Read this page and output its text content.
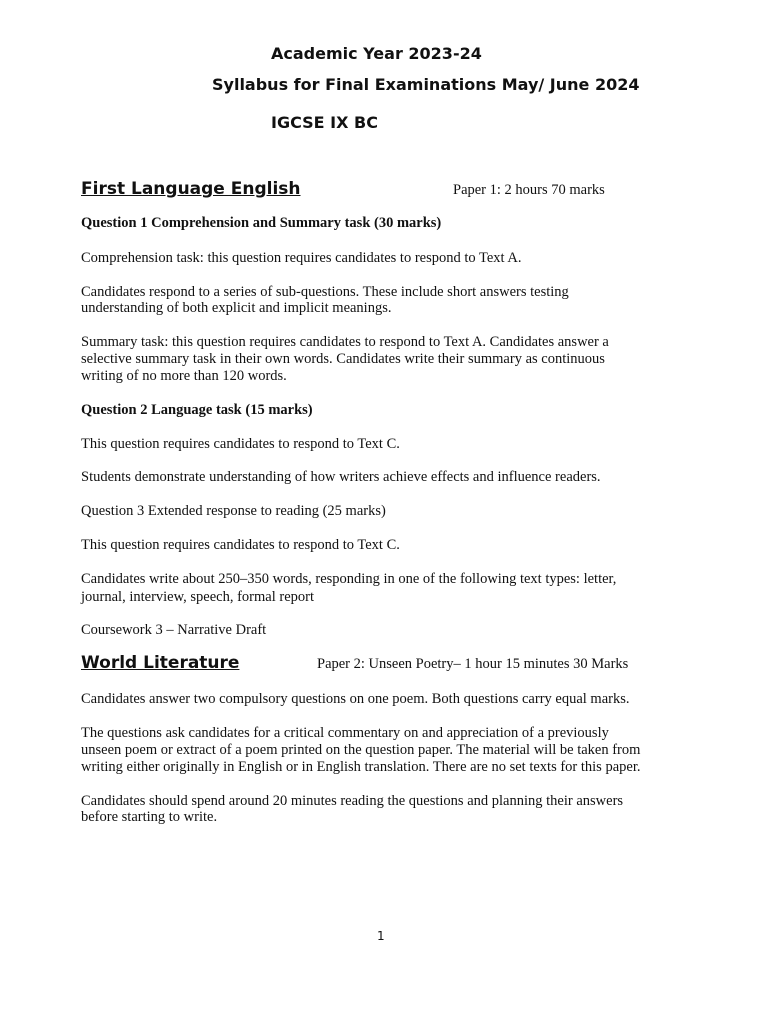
Academic Year 2023-24
Syllabus for Final Examinations May/ June 2024
IGCSE IX BC
First Language English	Paper 1: 2 hours 70 marks

Question 1 Comprehension and Summary task (30 marks)

Comprehension task: this question requires candidates to respond to Text A.

Candidates respond to a series of sub-questions. These include short answers testing

understanding of both explicit and implicit meanings.

Summary task: this question requires candidates to respond to Text A. Candidates answer a

selective summary task in their own words. Candidates write their summary as continuous

writing of no more than 120 words.

Question 2 Language task (15 marks)

This question requires candidates to respond to Text C.

Students demonstrate understanding of how writers achieve effects and influence readers.

Question 3 Extended response to reading (25 marks)

This question requires candidates to respond to Text C.

Candidates write about 250–350 words, responding in one of the following text types: letter,

journal, interview, speech, formal report

Coursework 3 – Narrative Draft

World Literature	Paper 2: Unseen Poetry– 1 hour 15 minutes 30 Marks

Candidates answer two compulsory questions on one poem. Both questions carry equal marks.

The questions ask candidates for a critical commentary on and appreciation of a previously

unseen poem or extract of a poem printed on the question paper. The material will be taken from

writing either originally in English or in English translation. There are no set texts for this paper.

Candidates should spend around 20 minutes reading the questions and planning their answers

before starting to write.

1
